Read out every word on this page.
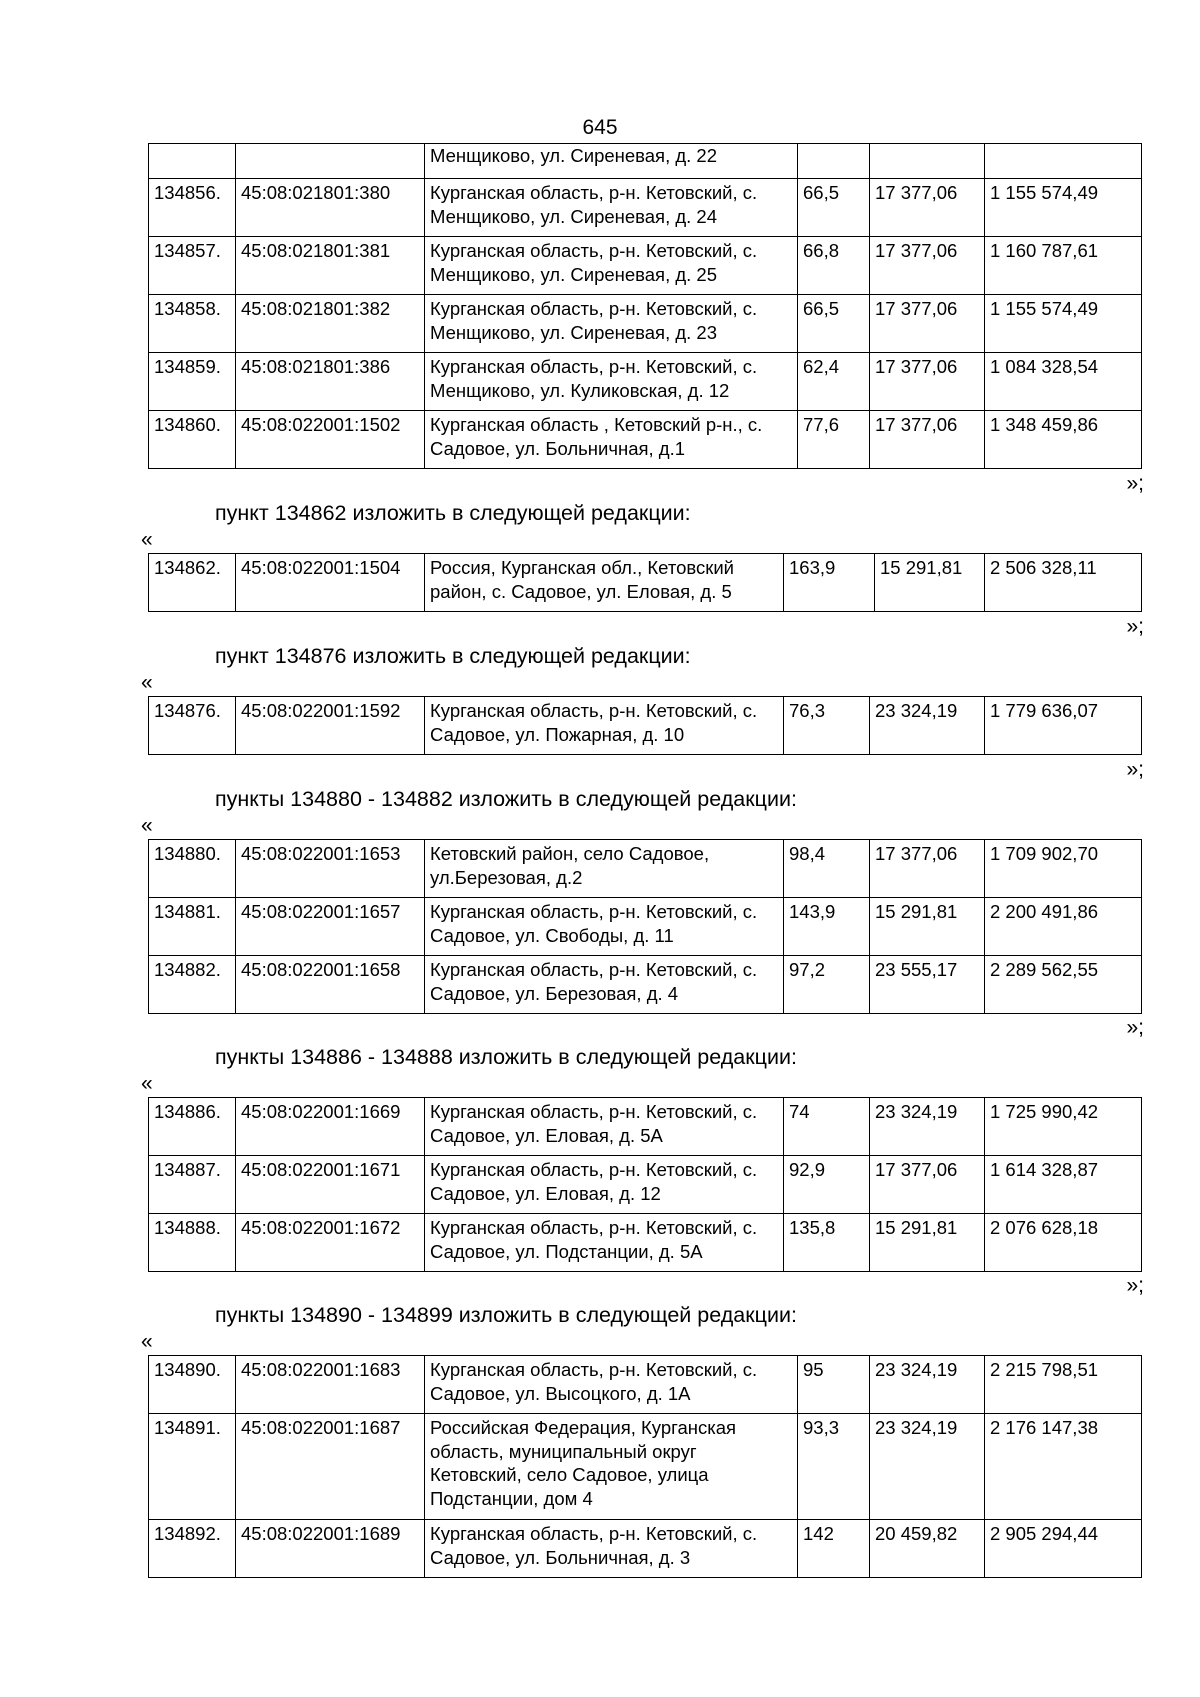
645
		Менщиково, ул. Сиреневая, д. 22			
134856.	45:08:021801:380	Курганская область, р-н. Кетовский, с. Менщиково, ул. Сиреневая, д. 24	66,5	17 377,06	1 155 574,49
134857.	45:08:021801:381	Курганская область, р-н. Кетовский, с. Менщиково, ул. Сиреневая, д. 25	66,8	17 377,06	1 160 787,61
134858.	45:08:021801:382	Курганская область, р-н. Кетовский, с. Менщиково, ул. Сиреневая, д. 23	66,5	17 377,06	1 155 574,49
134859.	45:08:021801:386	Курганская область, р-н. Кетовский, с. Менщиково, ул. Куликовская, д. 12	62,4	17 377,06	1 084 328,54
134860.	45:08:022001:1502	Курганская область , Кетовский р-н., с. Садовое, ул. Больничная, д.1	77,6	17 377,06	1 348 459,86
»;
пункт 134862 изложить в следующей редакции:
«
134862.	45:08:022001:1504	Россия, Курганская обл., Кетовский район, с. Садовое, ул. Еловая, д. 5	163,9	15 291,81	2 506 328,11
»;
пункт 134876 изложить в следующей редакции:
«
134876.	45:08:022001:1592	Курганская область, р-н. Кетовский, с. Садовое, ул. Пожарная, д. 10	76,3	23 324,19	1 779 636,07
»;
пункты 134880 - 134882 изложить в следующей редакции:
«
134880.	45:08:022001:1653	Кетовский район, село Садовое, ул.Березовая, д.2	98,4	17 377,06	1 709 902,70
134881.	45:08:022001:1657	Курганская область, р-н. Кетовский, с. Садовое, ул. Свободы, д. 11	143,9	15 291,81	2 200 491,86
134882.	45:08:022001:1658	Курганская область, р-н. Кетовский, с. Садовое, ул. Березовая, д. 4	97,2	23 555,17	2 289 562,55
»;
пункты 134886 - 134888 изложить в следующей редакции:
«
134886.	45:08:022001:1669	Курганская область, р-н. Кетовский, с. Садовое, ул. Еловая, д. 5А	74	23 324,19	1 725 990,42
134887.	45:08:022001:1671	Курганская область, р-н. Кетовский, с. Садовое, ул. Еловая, д. 12	92,9	17 377,06	1 614 328,87
134888.	45:08:022001:1672	Курганская область, р-н. Кетовский, с. Садовое, ул. Подстанции, д. 5А	135,8	15 291,81	2 076 628,18
»;
пункты 134890 - 134899 изложить в следующей редакции:
«
134890.	45:08:022001:1683	Курганская область, р-н. Кетовский, с. Садовое, ул. Высоцкого, д. 1А	95	23 324,19	2 215 798,51
134891.	45:08:022001:1687	Российская Федерация, Курганская область, муниципальный округ Кетовский, село Садовое, улица Подстанции, дом 4	93,3	23 324,19	2 176 147,38
134892.	45:08:022001:1689	Курганская область, р-н. Кетовский, с. Садовое, ул. Больничная, д. 3	142	20 459,82	2 905 294,44
